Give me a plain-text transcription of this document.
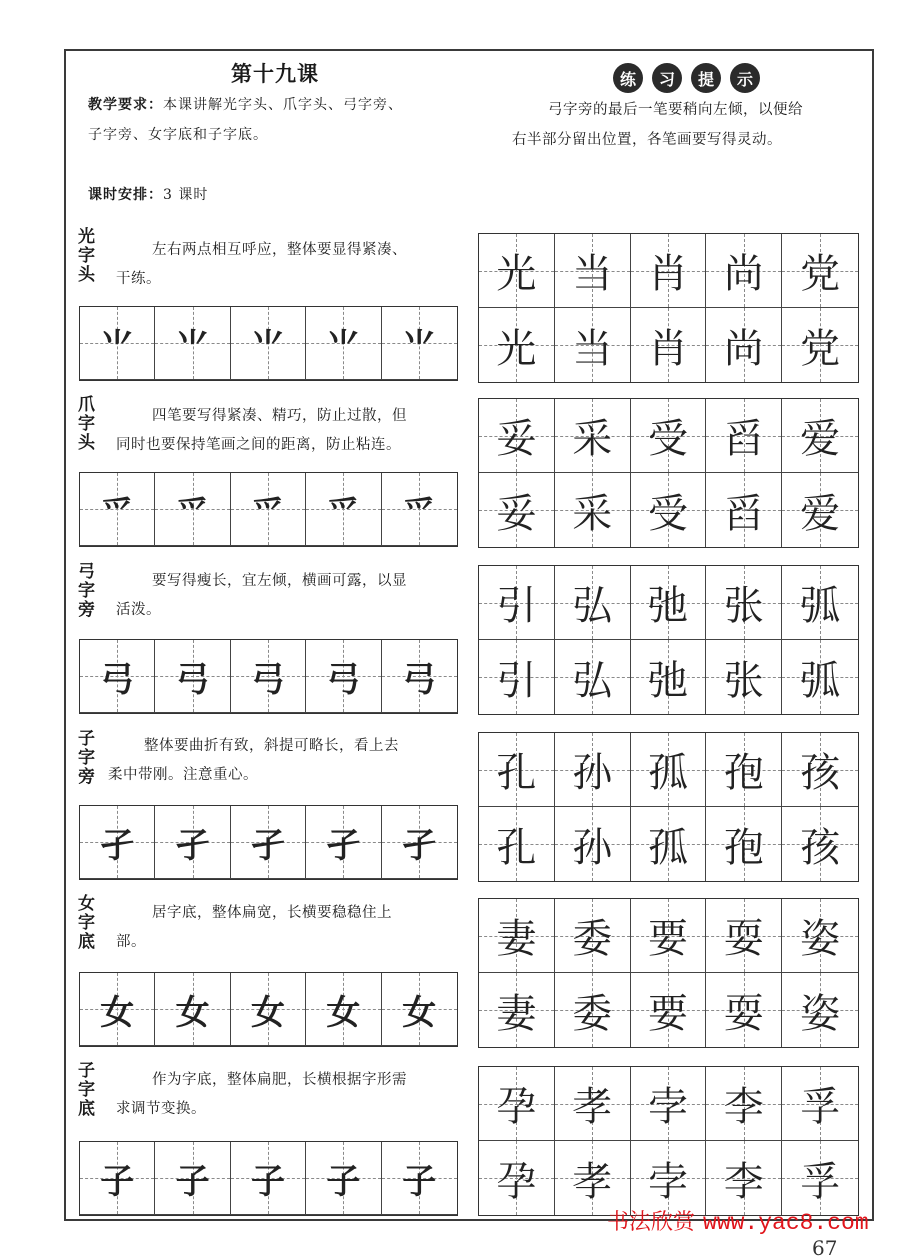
第十九课
教学要求：本课讲解光字头、爪字头、弓字旁、
子字旁、女字底和子字底。
课时安排：3 课时
练	习	提	示
弓字旁的最后一笔要稍向左倾，以便给
右半部分留出位置，各笔画要写得灵动。
光
字
头
左右两点相互呼应，整体要显得紧凑、
干练。
⺌ ⺌ ⺌ ⺌ ⺌
光 当 肖 尚 党
光 当 肖 尚 党
爪
字
头
四笔要写得紧凑、精巧，防止过散，但
同时也要保持笔画之间的距离，防止粘连。
爫 爫 爫 爫 爫
妥 采 受 舀 爱
妥 采 受 舀 爱
弓
字
旁
要写得瘦长，宜左倾，横画可露，以显
活泼。
弓 弓 弓 弓 弓
引 弘 弛 张 弧
引 弘 弛 张 弧
子
字
旁
整体要曲折有致，斜提可略长，看上去
柔中带刚。注意重心。
孑 孑 孑 孑 孑
孔 孙 孤 孢 孩
孔 孙 孤 孢 孩
女
字
底
居字底，整体扁宽，长横要稳稳住上
部。
女 女 女 女 女
妻 委 要 耍 姿
妻 委 要 耍 姿
子
字
底
作为字底，整体扁肥，长横根据字形需
求调节变换。
子 子 子 子 子
孕 孝 孛 李 孚
孕 孝 孛 李 孚
书法欣赏 www.yac8.com
67
